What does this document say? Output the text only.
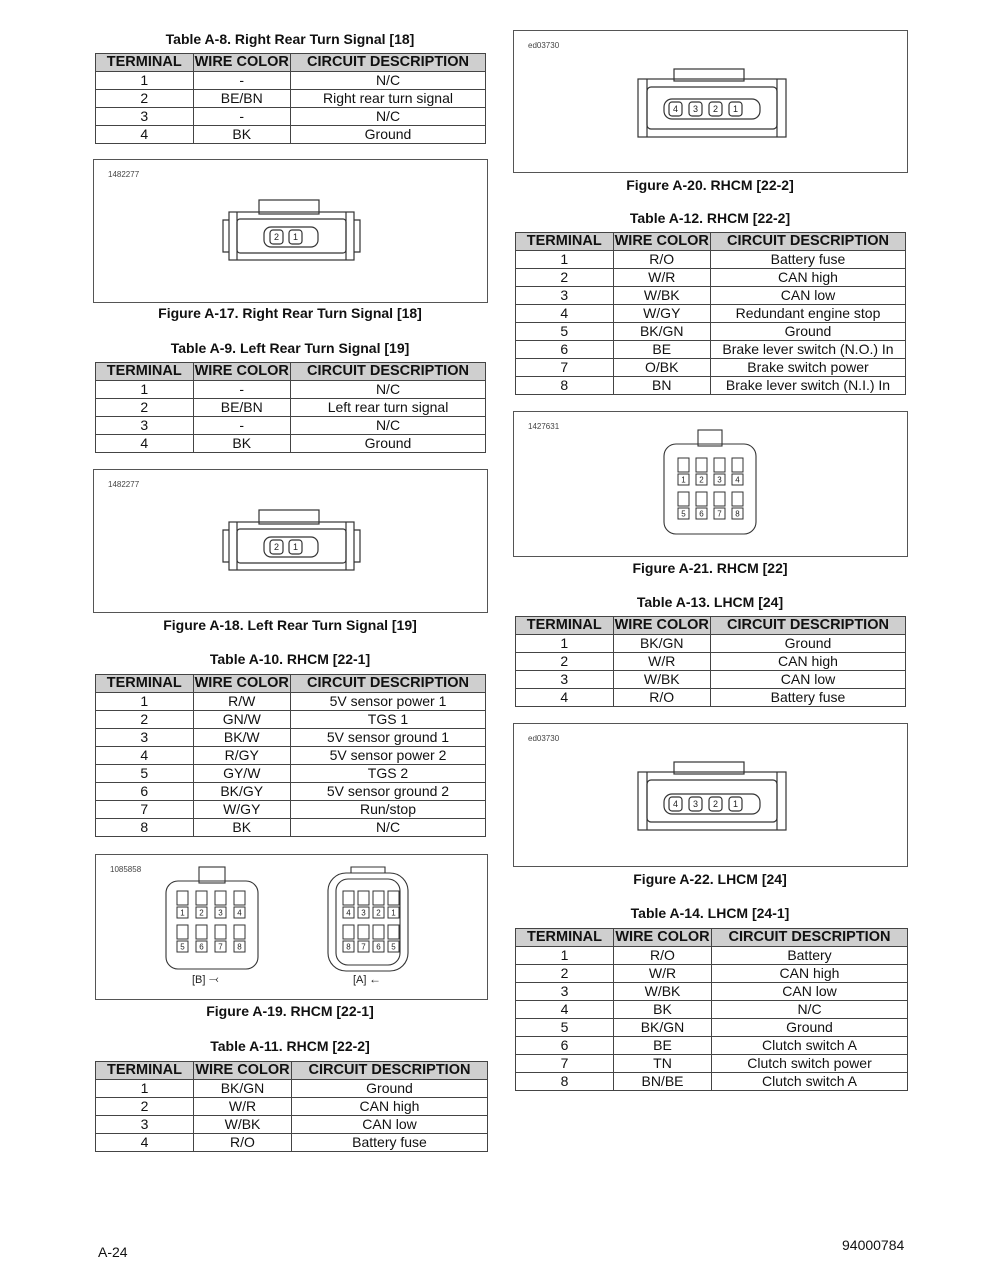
Table A-8. Right Rear Turn Signal [18]
TERMINAL	WIRE COLOR	CIRCUIT DESCRIPTION
1	-	N/C
2	BE/BN	Right rear turn signal
3	-	N/C
4	BK	Ground
1482277
2 1
Figure A-17. Right Rear Turn Signal [18]
Table A-9. Left Rear Turn Signal [19]
TERMINAL	WIRE COLOR	CIRCUIT DESCRIPTION
1	-	N/C
2	BE/BN	Left rear turn signal
3	-	N/C
4	BK	Ground
1482277
2 1
Figure A-18. Left Rear Turn Signal [19]
Table A-10. RHCM [22-1]
TERMINAL	WIRE COLOR	CIRCUIT DESCRIPTION
1	R/W	5V sensor power 1
2	GN/W	TGS 1
3	BK/W	5V sensor ground 1
4	R/GY	5V sensor power 2
5	GY/W	TGS 2
6	BK/GY	5V sensor ground 2
7	W/GY	Run/stop
8	BK	N/C
1085858
1 2 3 4
5 6 7 8
[B] ⤙	[A] ←
4 3 2 1
8 7 6 5
Figure A-19. RHCM [22-1]
Table A-11. RHCM [22-2]
TERMINAL	WIRE COLOR	CIRCUIT DESCRIPTION
1	BK/GN	Ground
2	W/R	CAN high
3	W/BK	CAN low
4	R/O	Battery fuse
ed03730
4 3 2 1
Figure A-20. RHCM [22-2]
Table A-12. RHCM [22-2]
TERMINAL	WIRE COLOR	CIRCUIT DESCRIPTION
1	R/O	Battery fuse
2	W/R	CAN high
3	W/BK	CAN low
4	W/GY	Redundant engine stop
5	BK/GN	Ground
6	BE	Brake lever switch (N.O.) In
7	O/BK	Brake switch power
8	BN	Brake lever switch (N.I.) In
1427631
1 2 3 4
5 6 7 8
Figure A-21. RHCM [22]
Table A-13. LHCM [24]
TERMINAL	WIRE COLOR	CIRCUIT DESCRIPTION
1	BK/GN	Ground
2	W/R	CAN high
3	W/BK	CAN low
4	R/O	Battery fuse
ed03730
4 3 2 1
Figure A-22. LHCM [24]
Table A-14. LHCM [24-1]
TERMINAL	WIRE COLOR	CIRCUIT DESCRIPTION
1	R/O	Battery
2	W/R	CAN high
3	W/BK	CAN low
4	BK	N/C
5	BK/GN	Ground
6	BE	Clutch switch A
7	TN	Clutch switch power
8	BN/BE	Clutch switch A
A-24	94000784
